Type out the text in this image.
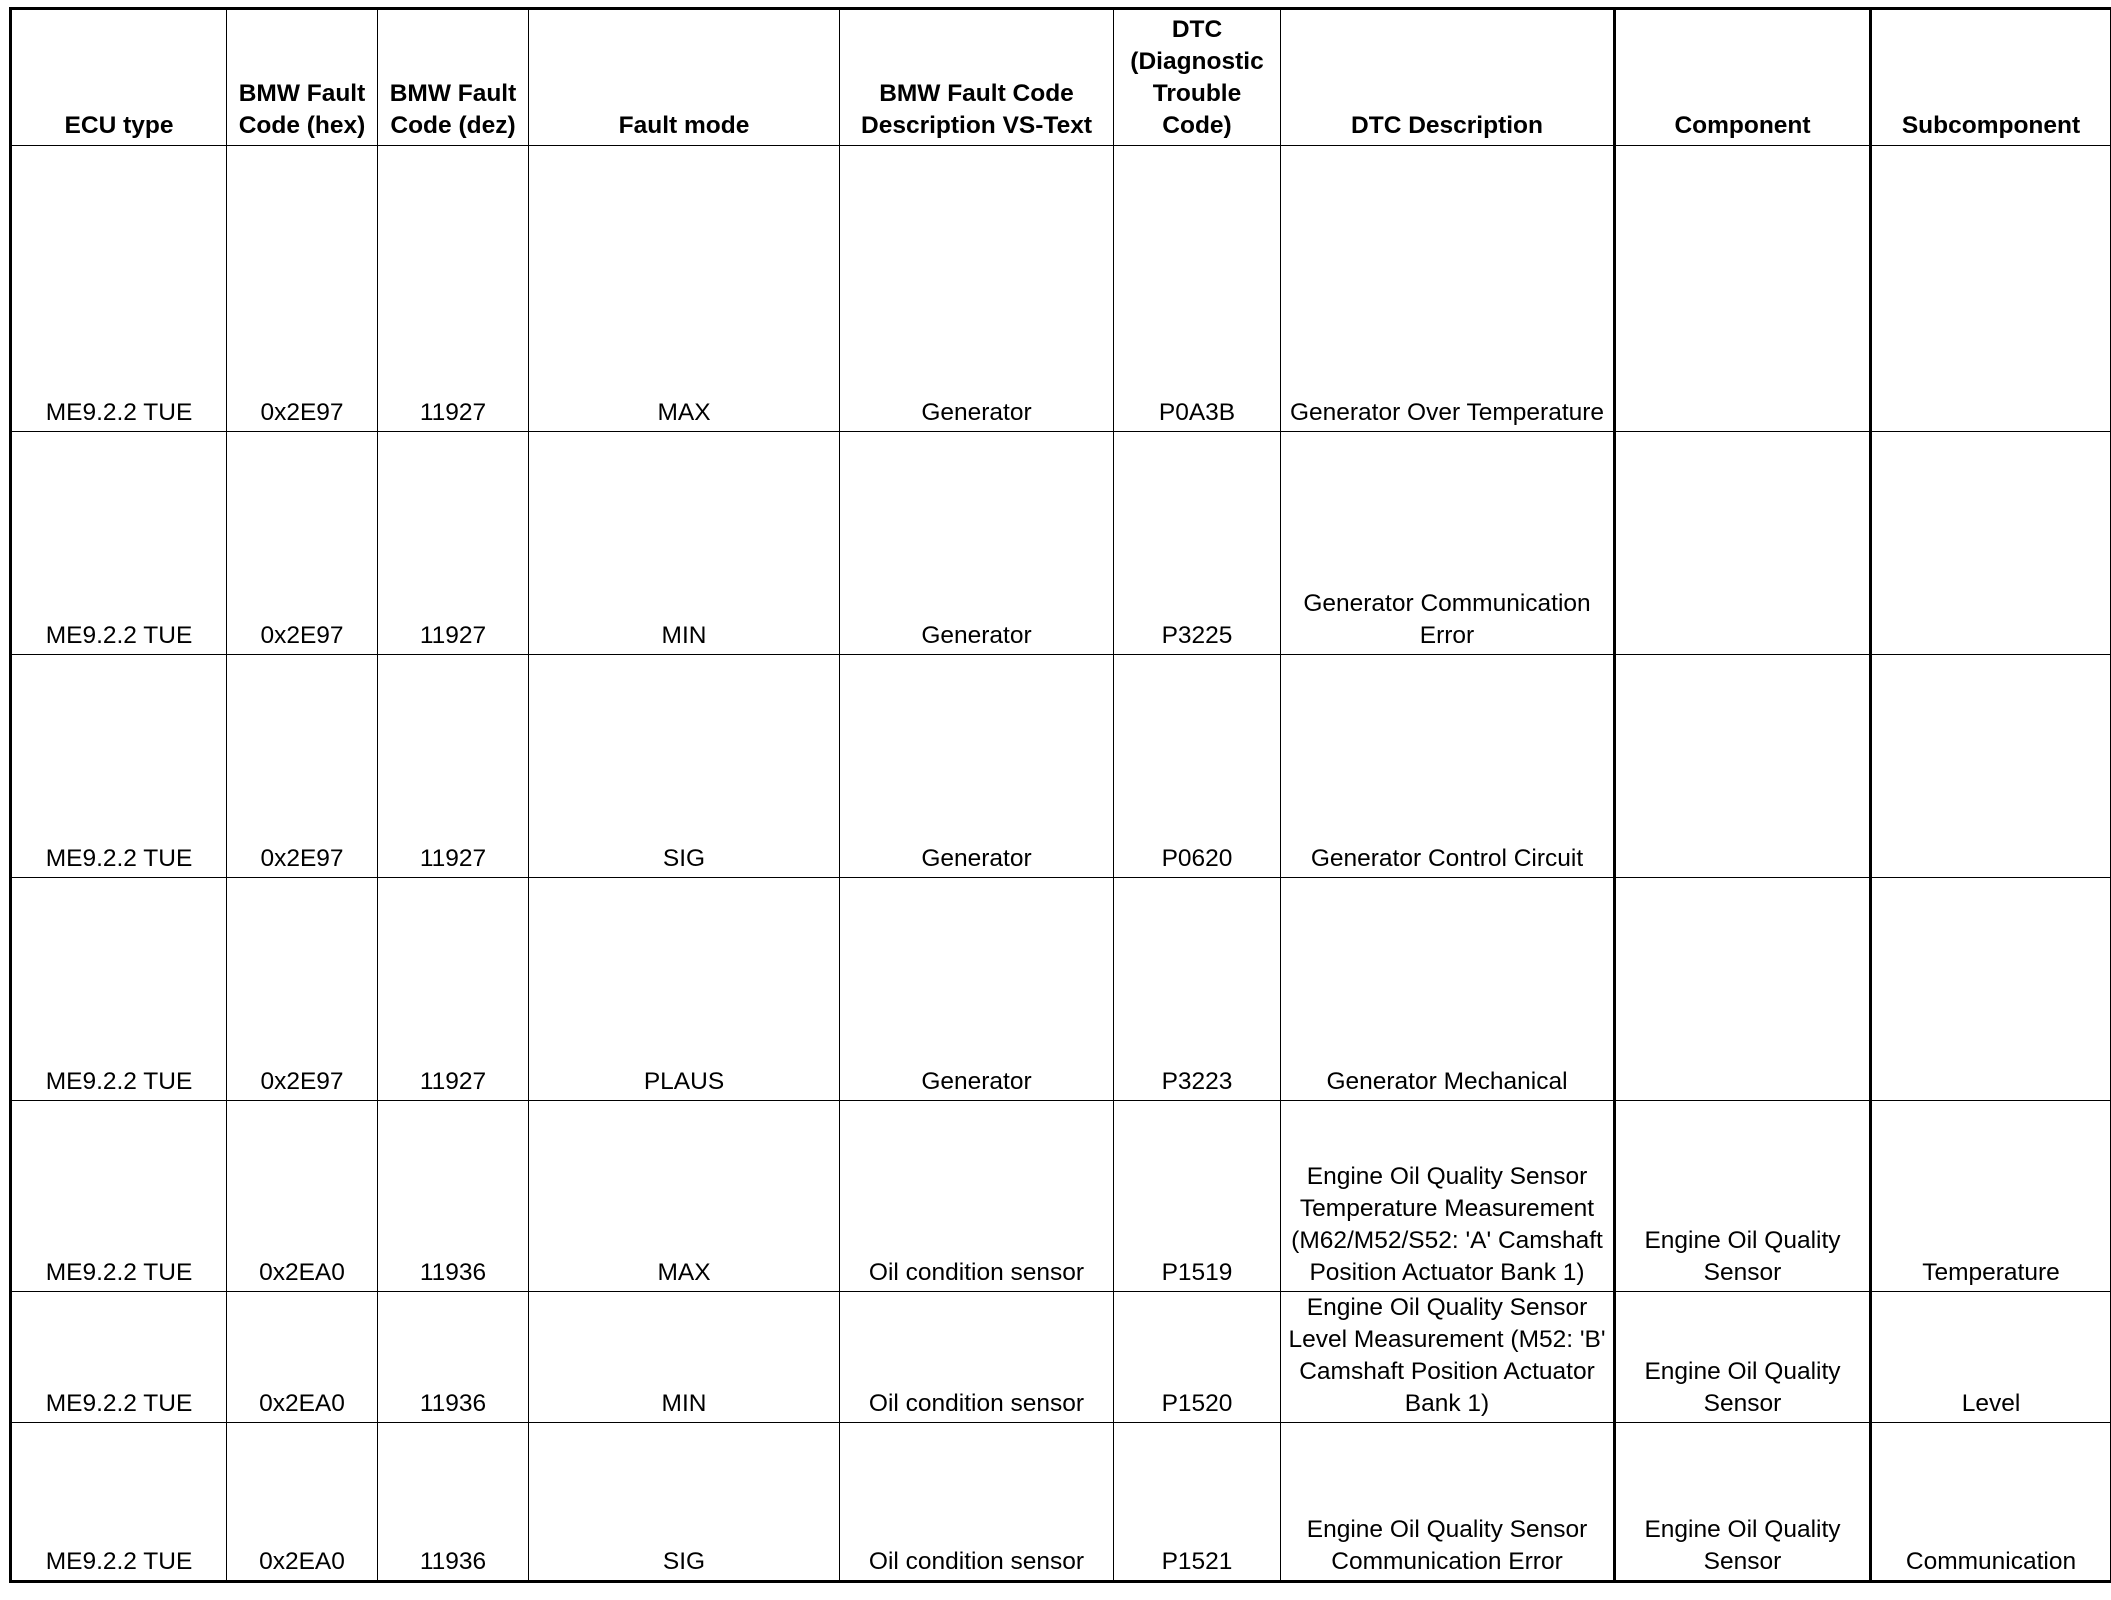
ECU type	BMW Fault Code (hex)	BMW Fault Code (dez)	Fault mode	BMW Fault Code Description VS-Text	DTC (Diagnostic Trouble Code)	DTC Description	Component	Subcomponent
ME9.2.2 TUE	0x2E97	11927	MAX	Generator	P0A3B	Generator Over Temperature		
ME9.2.2 TUE	0x2E97	11927	MIN	Generator	P3225	Generator Communication Error		
ME9.2.2 TUE	0x2E97	11927	SIG	Generator	P0620	Generator Control Circuit		
ME9.2.2 TUE	0x2E97	11927	PLAUS	Generator	P3223	Generator Mechanical		
ME9.2.2 TUE	0x2EA0	11936	MAX	Oil condition sensor	P1519	Engine Oil Quality Sensor Temperature Measurement (M62/M52/S52: 'A' Camshaft Position Actuator Bank 1)	Engine Oil Quality Sensor	Temperature
ME9.2.2 TUE	0x2EA0	11936	MIN	Oil condition sensor	P1520	Engine Oil Quality Sensor Level Measurement (M52: 'B' Camshaft Position Actuator Bank 1)	Engine Oil Quality Sensor	Level
ME9.2.2 TUE	0x2EA0	11936	SIG	Oil condition sensor	P1521	Engine Oil Quality Sensor Communication Error	Engine Oil Quality Sensor	Communication
